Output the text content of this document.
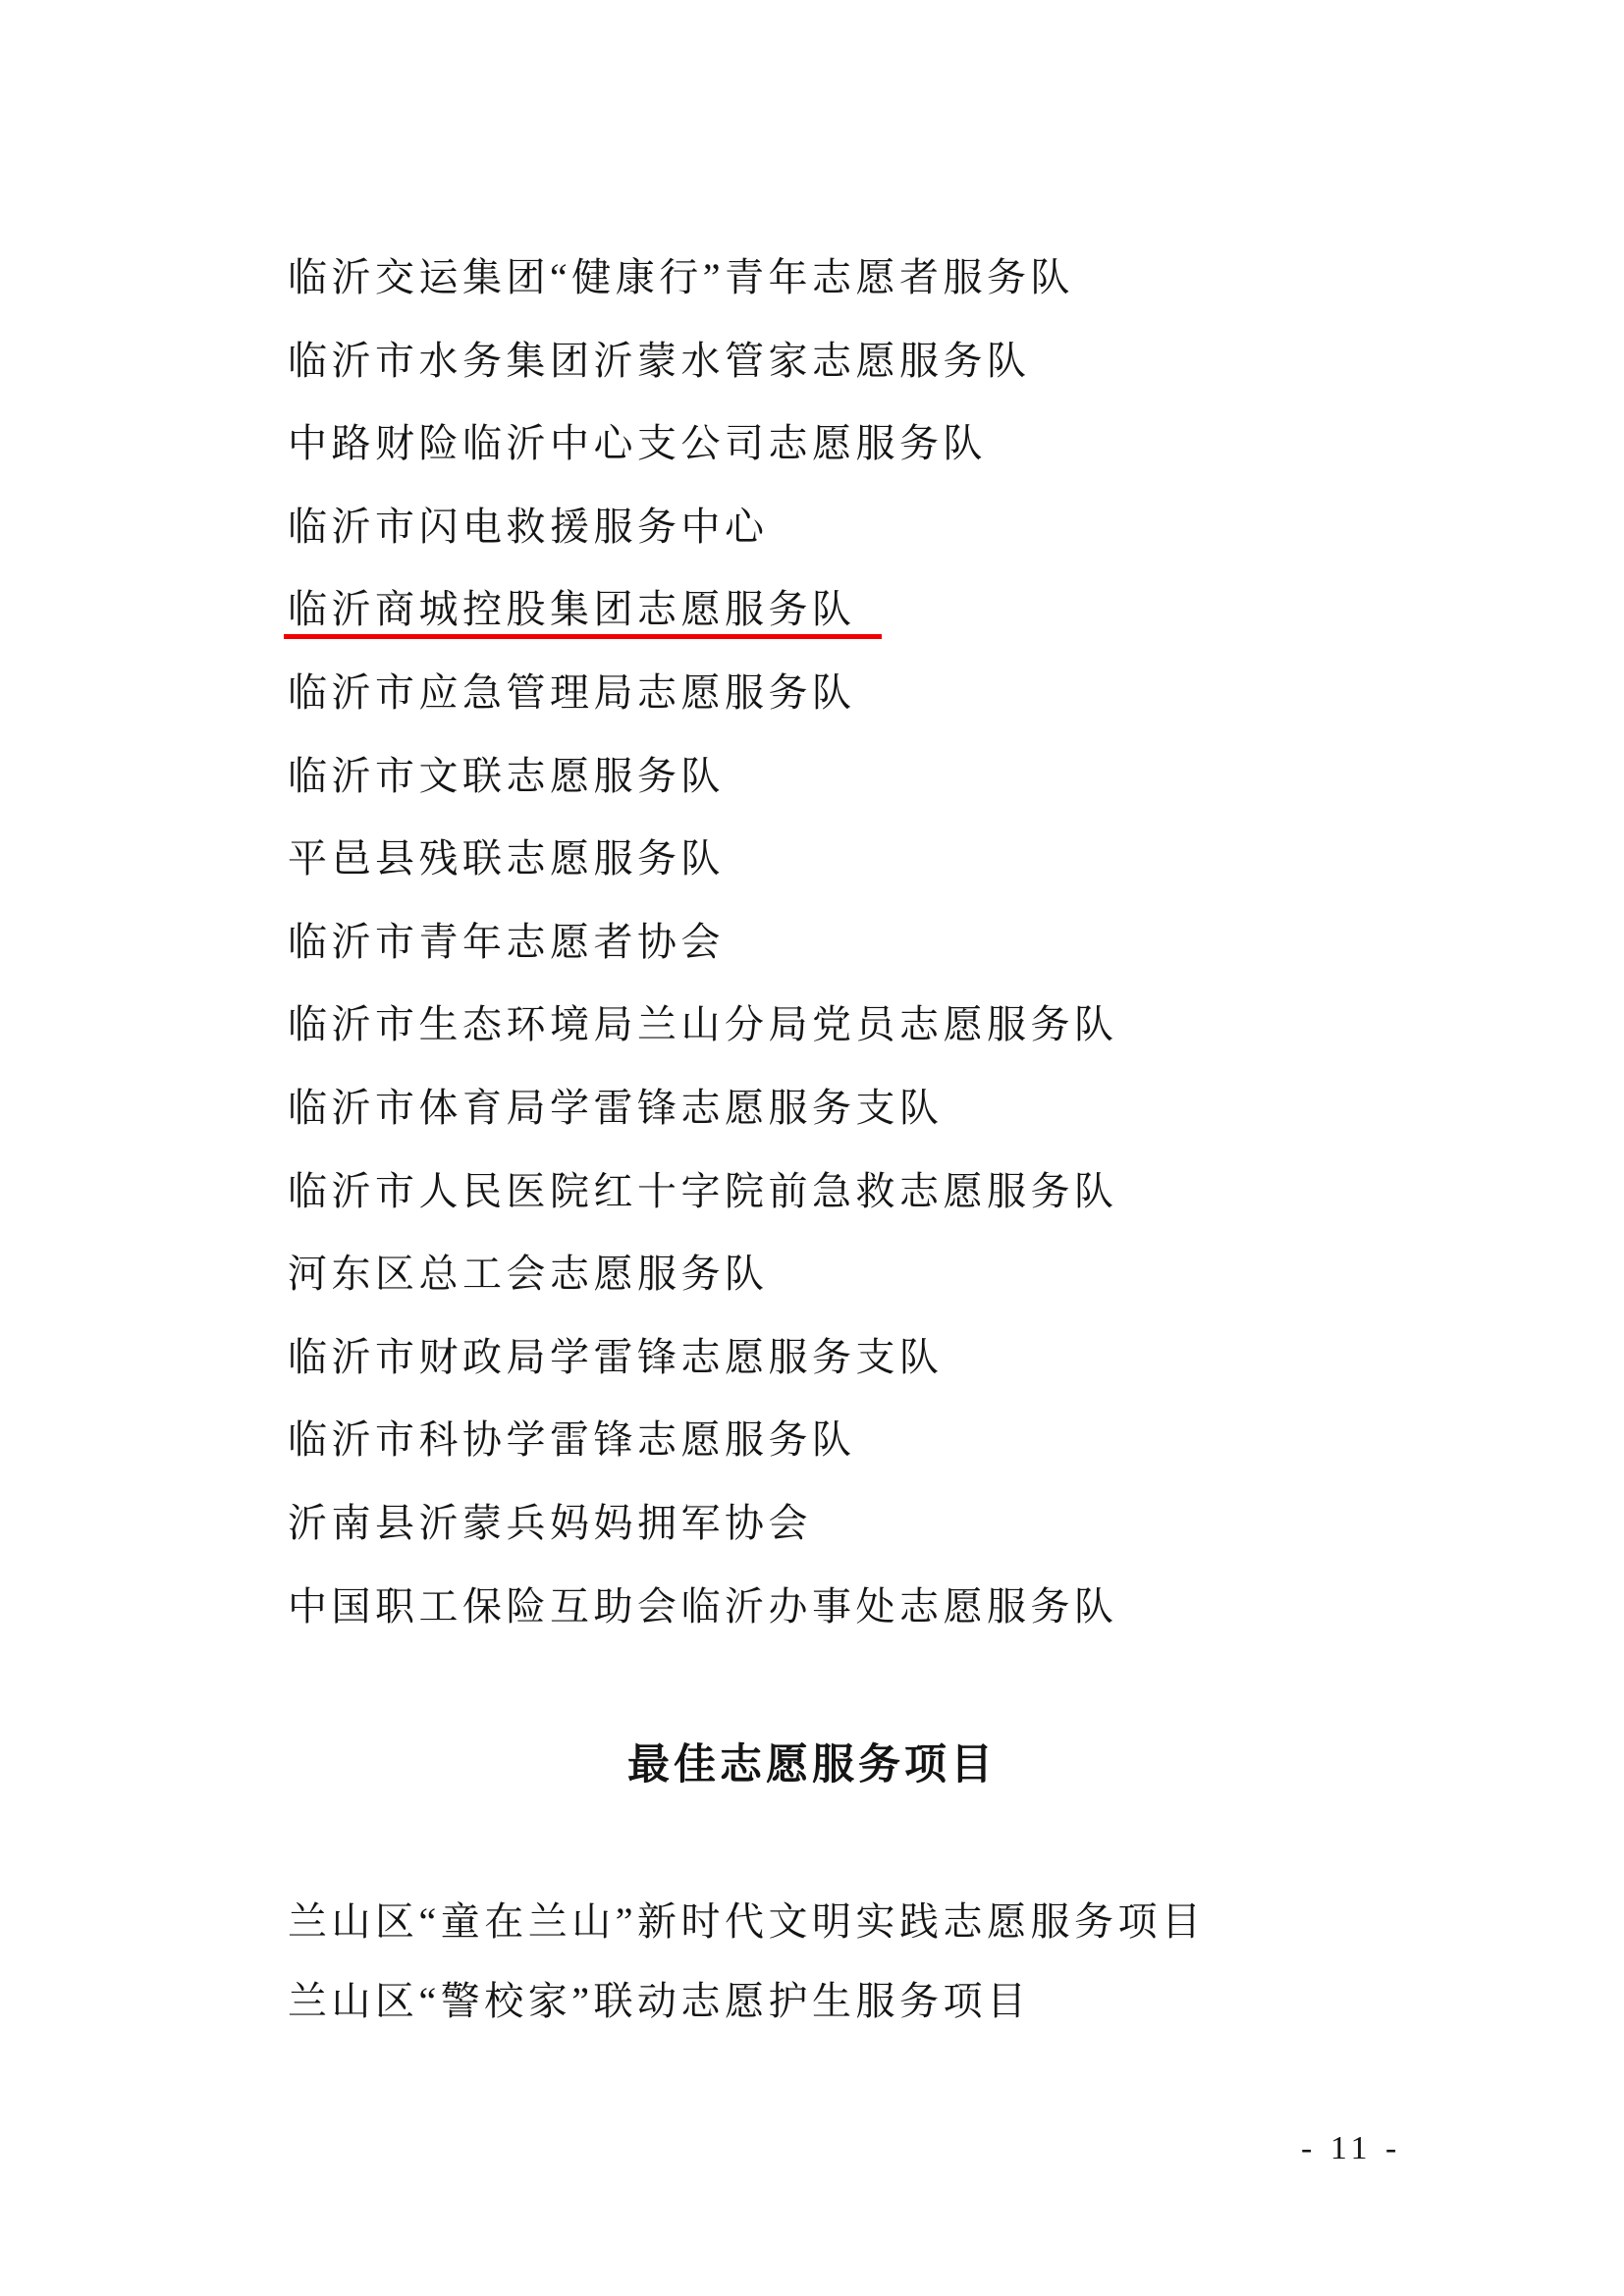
临沂交运集团“健康行”青年志愿者服务队
临沂市水务集团沂蒙水管家志愿服务队
中路财险临沂中心支公司志愿服务队
临沂市闪电救援服务中心
临沂商城控股集团志愿服务队
临沂市应急管理局志愿服务队
临沂市文联志愿服务队
平邑县残联志愿服务队
临沂市青年志愿者协会
临沂市生态环境局兰山分局党员志愿服务队
临沂市体育局学雷锋志愿服务支队
临沂市人民医院红十字院前急救志愿服务队
河东区总工会志愿服务队
临沂市财政局学雷锋志愿服务支队
临沂市科协学雷锋志愿服务队
沂南县沂蒙兵妈妈拥军协会
中国职工保险互助会临沂办事处志愿服务队
最佳志愿服务项目
兰山区“童在兰山”新时代文明实践志愿服务项目
兰山区“警校家”联动志愿护生服务项目
- 11 -
